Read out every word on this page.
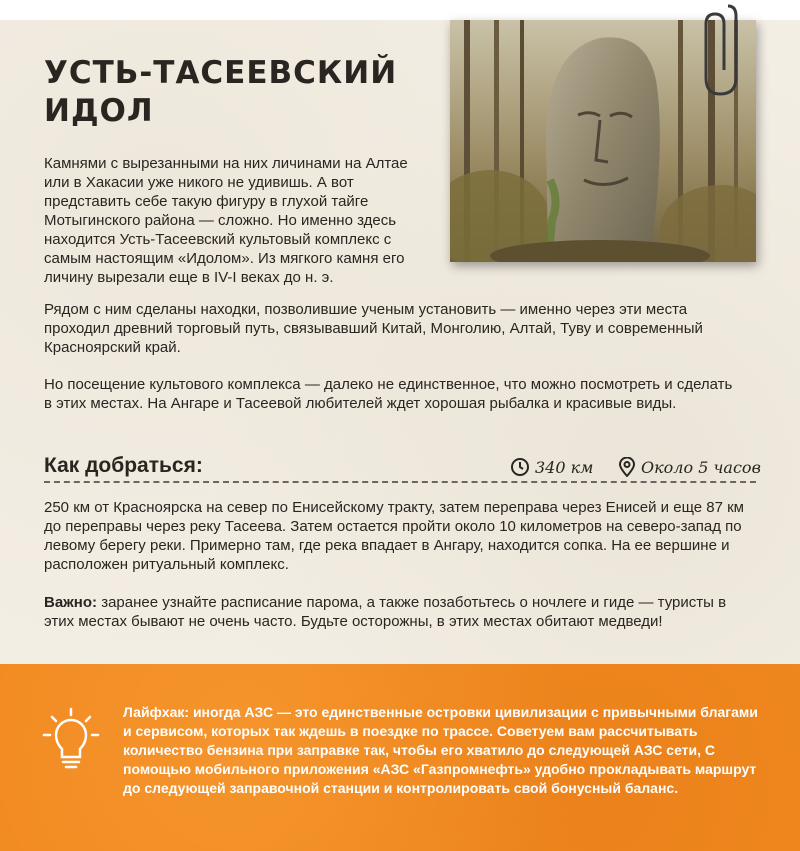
УСТЬ-ТАСЕЕВСКИЙ ИДОЛ

Камнями с вырезанными на них личинами на Алтае или в Хакасии уже никого не удивишь. А вот представить себе такую фигуру в глухой тайге Мотыгинского района — сложно. Но именно здесь находится Усть-Тасеевский культовый комплекс с самым настоящим «Идолом». Из мягкого камня его личину вырезали еще в IV-I веках до н. э.

Рядом с ним сделаны находки, позволившие ученым установить — именно через эти места проходил древний торговый путь, связывавший Китай, Монголию, Алтай, Туву и современный Красноярский край.

Но посещение культового комплекса — далеко не единственное, что можно посмотреть и сделать в этих местах. На Ангаре и Тасеевой любителей ждет хорошая рыбалка и красивые виды.

Как добраться:	340 км	Около 5 часов

250 км от Красноярска на север по Енисейскому тракту, затем переправа через Енисей и еще 87 км до переправы через реку Тасеева. Затем остается пройти около 10 километров на северо-запад по левому берегу реки. Примерно там, где река впадает в Ангару, находится сопка. На ее вершине и расположен ритуальный комплекс.

Важно: заранее узнайте расписание парома, а также позаботьтесь о ночлеге и гиде — туристы в этих местах бывают не очень часто. Будьте осторожны, в этих местах обитают медведи!

Лайфхак: иногда АЗС — это единственные островки цивилизации с привычными благами и сервисом, которых так ждешь в поездке по трассе. Советуем вам рассчитывать количество бензина при заправке так, чтобы его хватило до следующей АЗС сети, С помощью мобильного приложения «АЗС «Газпромнефть» удобно прокладывать маршрут до следующей заправочной станции и контролировать свой бонусный баланс.
